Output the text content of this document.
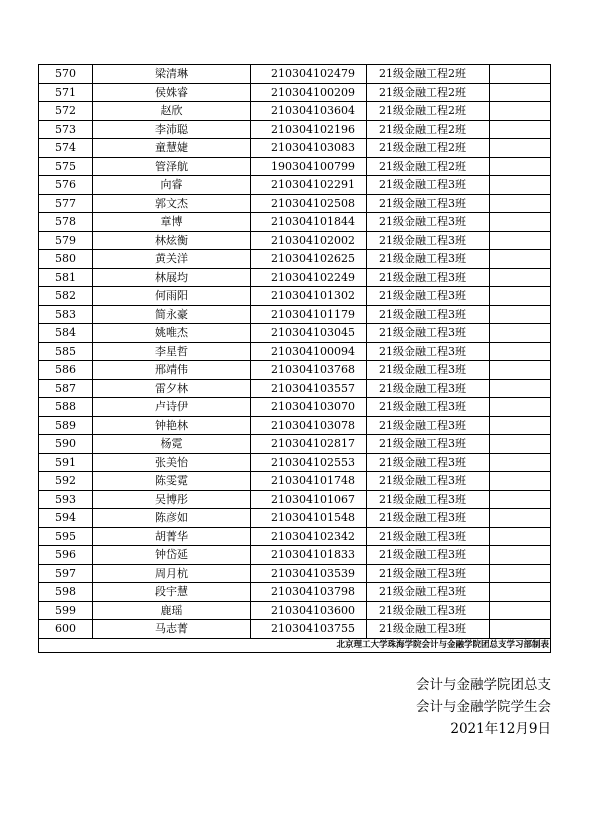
570	梁清琳	210304102479	21级金融工程2班	
571	侯姝睿	210304100209	21级金融工程2班	
572	赵欣	210304103604	21级金融工程2班	
573	李沛聪	210304102196	21级金融工程2班	
574	童慧婕	210304103083	21级金融工程2班	
575	管泽航	190304100799	21级金融工程2班	
576	向睿	210304102291	21级金融工程3班	
577	郭文杰	210304102508	21级金融工程3班	
578	章博	210304101844	21级金融工程3班	
579	林炫衡	210304102002	21级金融工程3班	
580	黄关洋	210304102625	21级金融工程3班	
581	林展均	210304102249	21级金融工程3班	
582	何雨阳	210304101302	21级金融工程3班	
583	简永豪	210304101179	21级金融工程3班	
584	姚唯杰	210304103045	21级金融工程3班	
585	李星哲	210304100094	21级金融工程3班	
586	邢靖伟	210304103768	21级金融工程3班	
587	雷夕林	210304103557	21级金融工程3班	
588	卢诗伊	210304103070	21级金融工程3班	
589	钟艳林	210304103078	21级金融工程3班	
590	杨霓	210304102817	21级金融工程3班	
591	张美怡	210304102553	21级金融工程3班	
592	陈雯霓	210304101748	21级金融工程3班	
593	吴博彤	210304101067	21级金融工程3班	
594	陈彦如	210304101548	21级金融工程3班	
595	胡菁华	210304102342	21级金融工程3班	
596	钟岱延	210304101833	21级金融工程3班	
597	周月杭	210304103539	21级金融工程3班	
598	段宇慧	210304103798	21级金融工程3班	
599	鹿瑶	210304103600	21级金融工程3班	
600	马志菁	210304103755	21级金融工程3班	
北京理工大学珠海学院会计与金融学院团总支学习部制表				
会计与金融学院团总支
会计与金融学院学生会
2021年12月9日
